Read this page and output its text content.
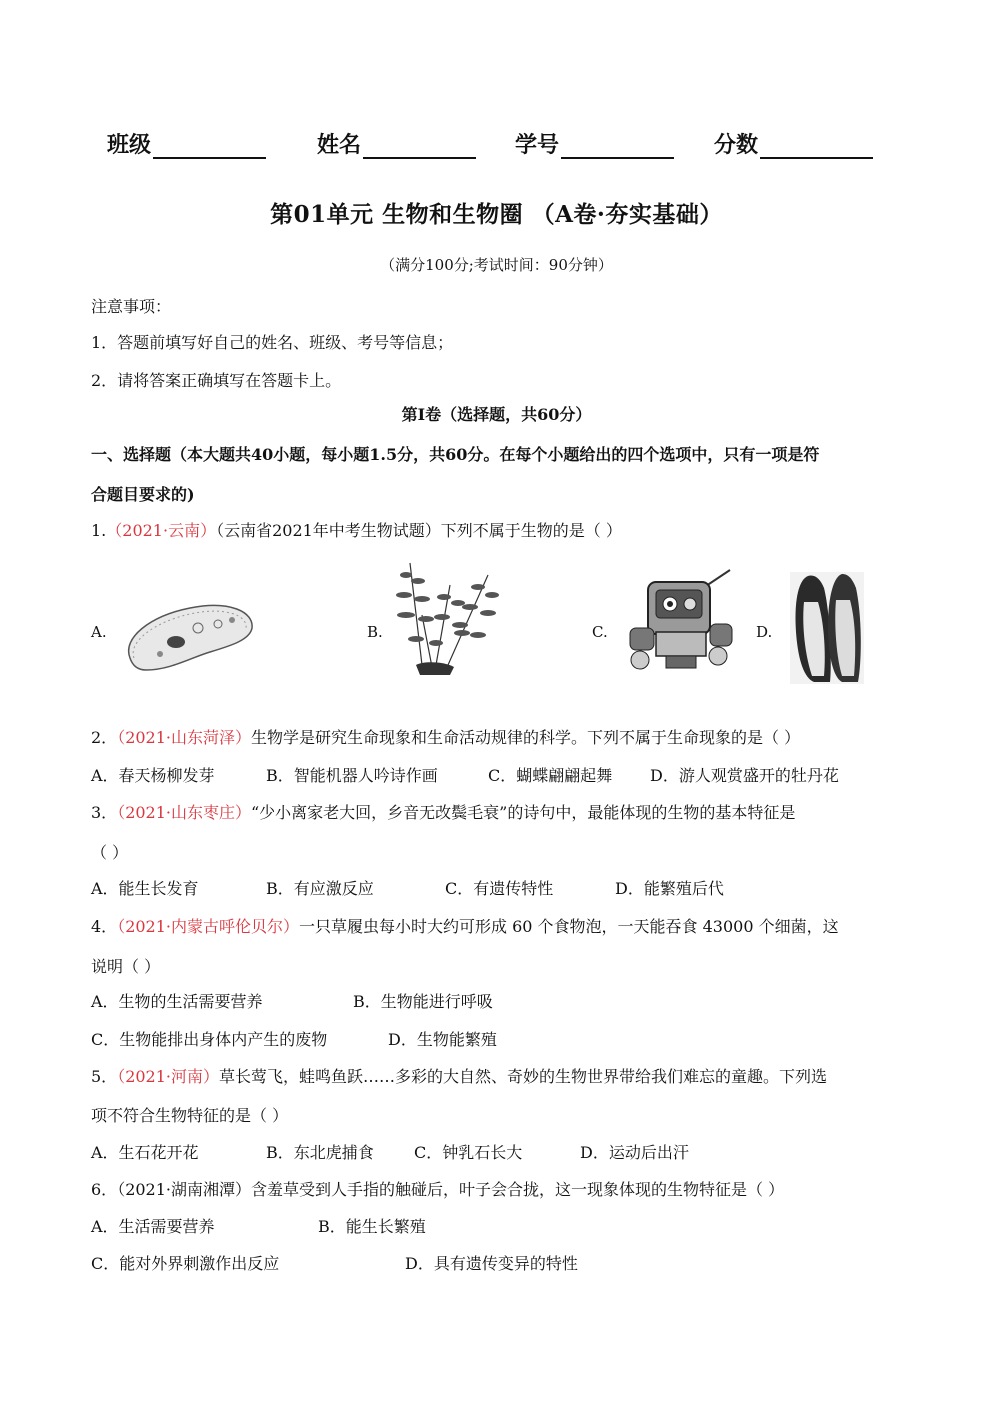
班级	姓名	学号	分数
第01单元 生物和生物圈 （A卷·夯实基础）
（满分100分;考试时间：90分钟）
注意事项：
1．答题前填写好自己的姓名、班级、考号等信息；
2．请将答案正确填写在答题卡上。
第Ⅰ卷（选择题，共60分）
一、选择题（本大题共40小题，每小题1.5分，共60分。在每个小题给出的四个选项中，只有一项是符
合题目要求的)
1.（2021·云南）（云南省2021年中考生物试题）下列不属于生物的是（ ）
A.	B.	C.	D.
2．（2021·山东菏泽）生物学是研究生命现象和生命活动规律的科学。下列不属于生命现象的是（ ）
A．春天杨柳发芽	B．智能机器人吟诗作画	C．蝴蝶翩翩起舞 D．游人观赏盛开的牡丹花
3．（2021·山东枣庄）“少小离家老大回，乡音无改鬓毛衰”的诗句中，最能体现的生物的基本特征是
（ ）
A．能生长发育	B．有应激反应	C．有遗传特性	D．能繁殖后代
4．（2021·内蒙古呼伦贝尔）一只草履虫每小时大约可形成 60 个食物泡，一天能吞食 43000 个细菌，这
说明（ ）
A．生物的生活需要营养	B．生物能进行呼吸
C．生物能排出身体内产生的废物	D．生物能繁殖
5．（2021·河南）草长莺飞，蛙鸣鱼跃……多彩的大自然、奇妙的生物世界带给我们难忘的童趣。下列选
项不符合生物特征的是（ ）
A．生石花开花	B．东北虎捕食	C．钟乳石长大	D．运动后出汗
6．（2021·湖南湘潭）含羞草受到人手指的触碰后，叶子会合拢，这一现象体现的生物特征是（ ）
A．生活需要营养	B．能生长繁殖
C．能对外界刺激作出反应	D．具有遗传变异的特性
